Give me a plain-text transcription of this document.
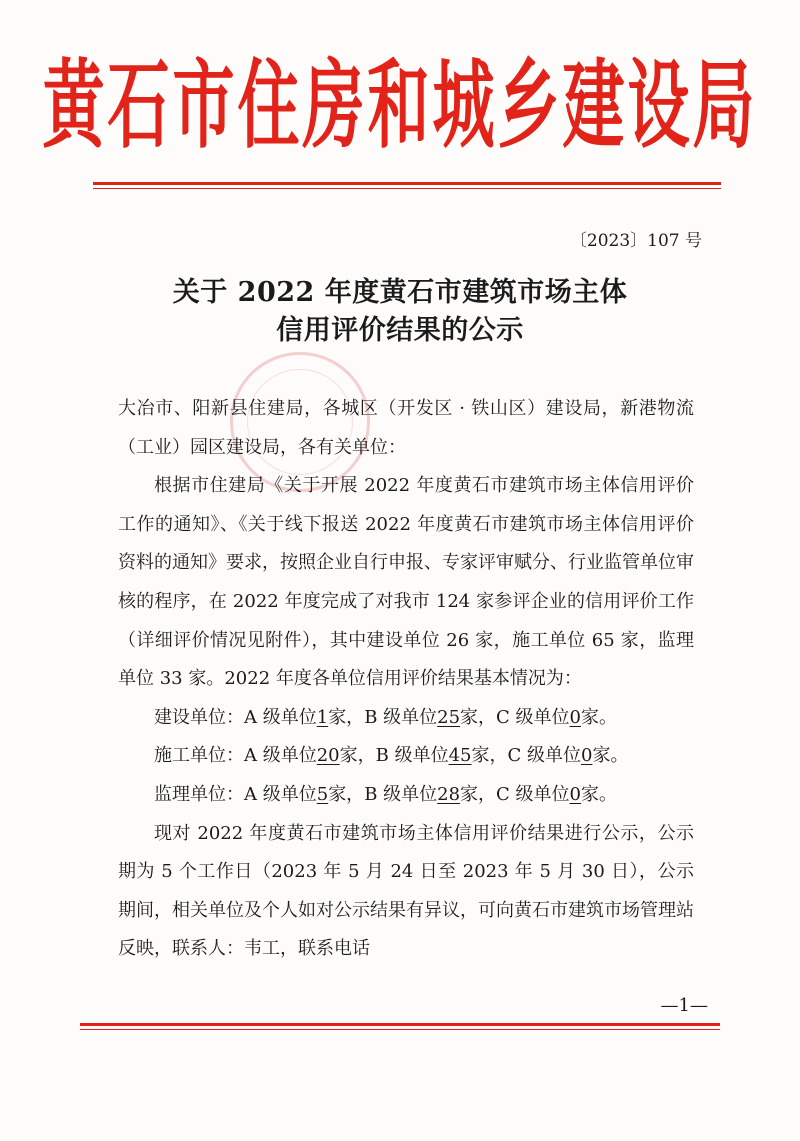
黄石市住房和城乡建设局
〔2023〕107 号
关于 2022 年度黄石市建筑市场主体
信用评价结果的公示

大冶市、阳新县住建局，各城区（开发区 · 铁山区）建设局，新港物流（工业）园区建设局，各有关单位：

根据市住建局《关于开展 2022 年度黄石市建筑市场主体信用评价工作的通知》、《关于线下报送 2022 年度黄石市建筑市场主体信用评价资料的通知》要求，按照企业自行申报、专家评审赋分、行业监管单位审核的程序，在 2022 年度完成了对我市 124 家参评企业的信用评价工作（详细评价情况见附件），其中建设单位 26 家，施工单位 65 家，监理单位 33 家。2022 年度各单位信用评价结果基本情况为：

建设单位：A 级单位1家，B 级单位25家，C 级单位0家。

施工单位：A 级单位20家，B 级单位45家，C 级单位0家。

监理单位：A 级单位5家，B 级单位28家，C 级单位0家。

现对 2022 年度黄石市建筑市场主体信用评价结果进行公示，公示期为 5 个工作日（2023 年 5 月 24 日至 2023 年 5 月 30 日），公示期间，相关单位及个人如对公示结果有异议，可向黄石市建筑市场管理站反映，联系人：韦工，联系电话

—1—
